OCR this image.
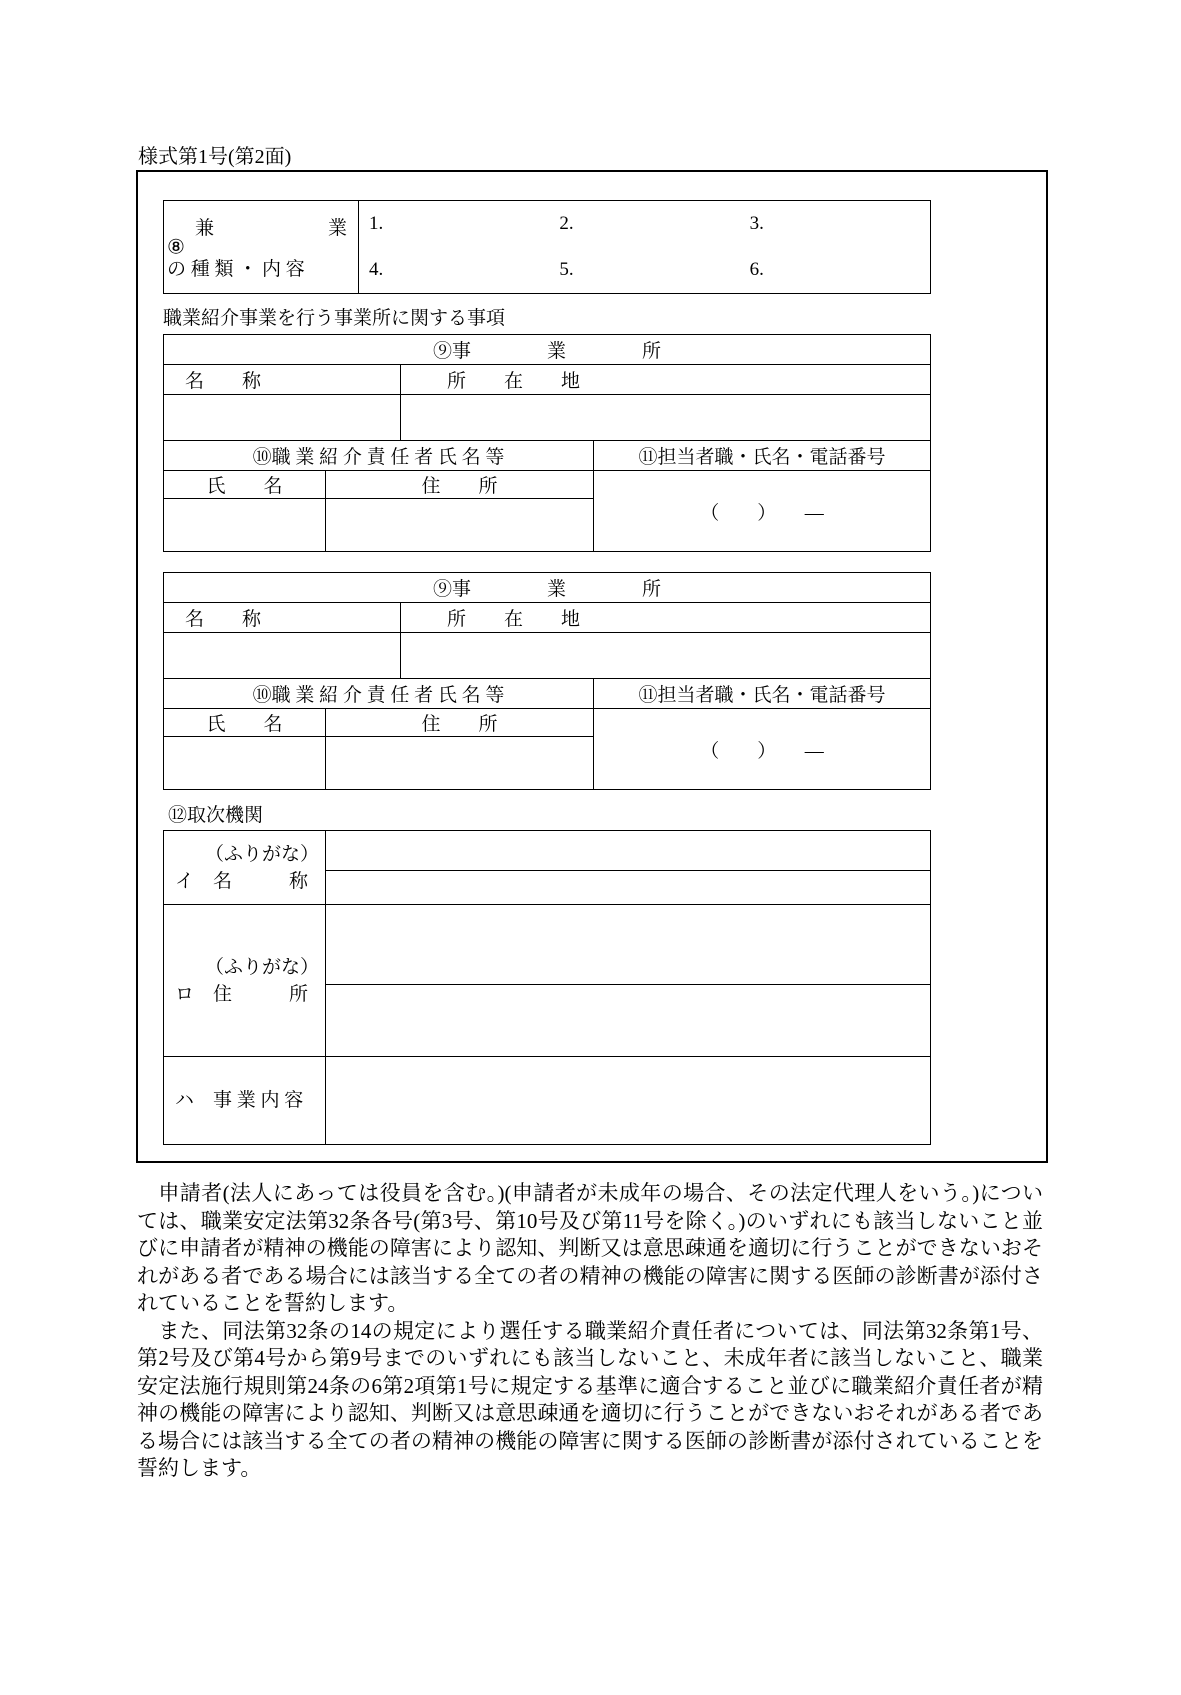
様式第1号(第2面)
⑧
兼　　　　　　業
の 種 類 ・ 内 容

1.	2.	3.
4.	5.	6.
職業紹介事業を行う事業所に関する事項
⑨事　　　　業　　　　所			
名　　称		所　　在　　地	

⑩職 業 紹 介 責 任 者 氏 名 等			⑪担当者職・氏名・電話番号
氏　　名	住　　所		（　　）　　―

⑨事　　　　業　　　　所			
名　　称		所　　在　　地	

⑩職 業 紹 介 責 任 者 氏 名 等			⑪担当者職・氏名・電話番号
氏　　名	住　　所		（　　）　　―

⑫取次機関
（ふりがな）
イ　名　　　称	

（ふりがな）
ロ　住　　　所	

ハ　事 業 内 容	

　申請者(法人にあっては役員を含む。)(申請者が未成年の場合、その法定代理人をいう。)については、職業安定法第32条各号(第3号、第10号及び第11号を除く。)のいずれにも該当しないこと並びに申請者が精神の機能の障害により認知、判断又は意思疎通を適切に行うことができないおそれがある者である場合には該当する全ての者の精神の機能の障害に関する医師の診断書が添付されていることを誓約します。

　また、同法第32条の14の規定により選任する職業紹介責任者については、同法第32条第1号、第2号及び第4号から第9号までのいずれにも該当しないこと、未成年者に該当しないこと、職業安定法施行規則第24条の6第2項第1号に規定する基準に適合すること並びに職業紹介責任者が精神の機能の障害により認知、判断又は意思疎通を適切に行うことができないおそれがある者である場合には該当する全ての者の精神の機能の障害に関する医師の診断書が添付されていることを誓約します。
